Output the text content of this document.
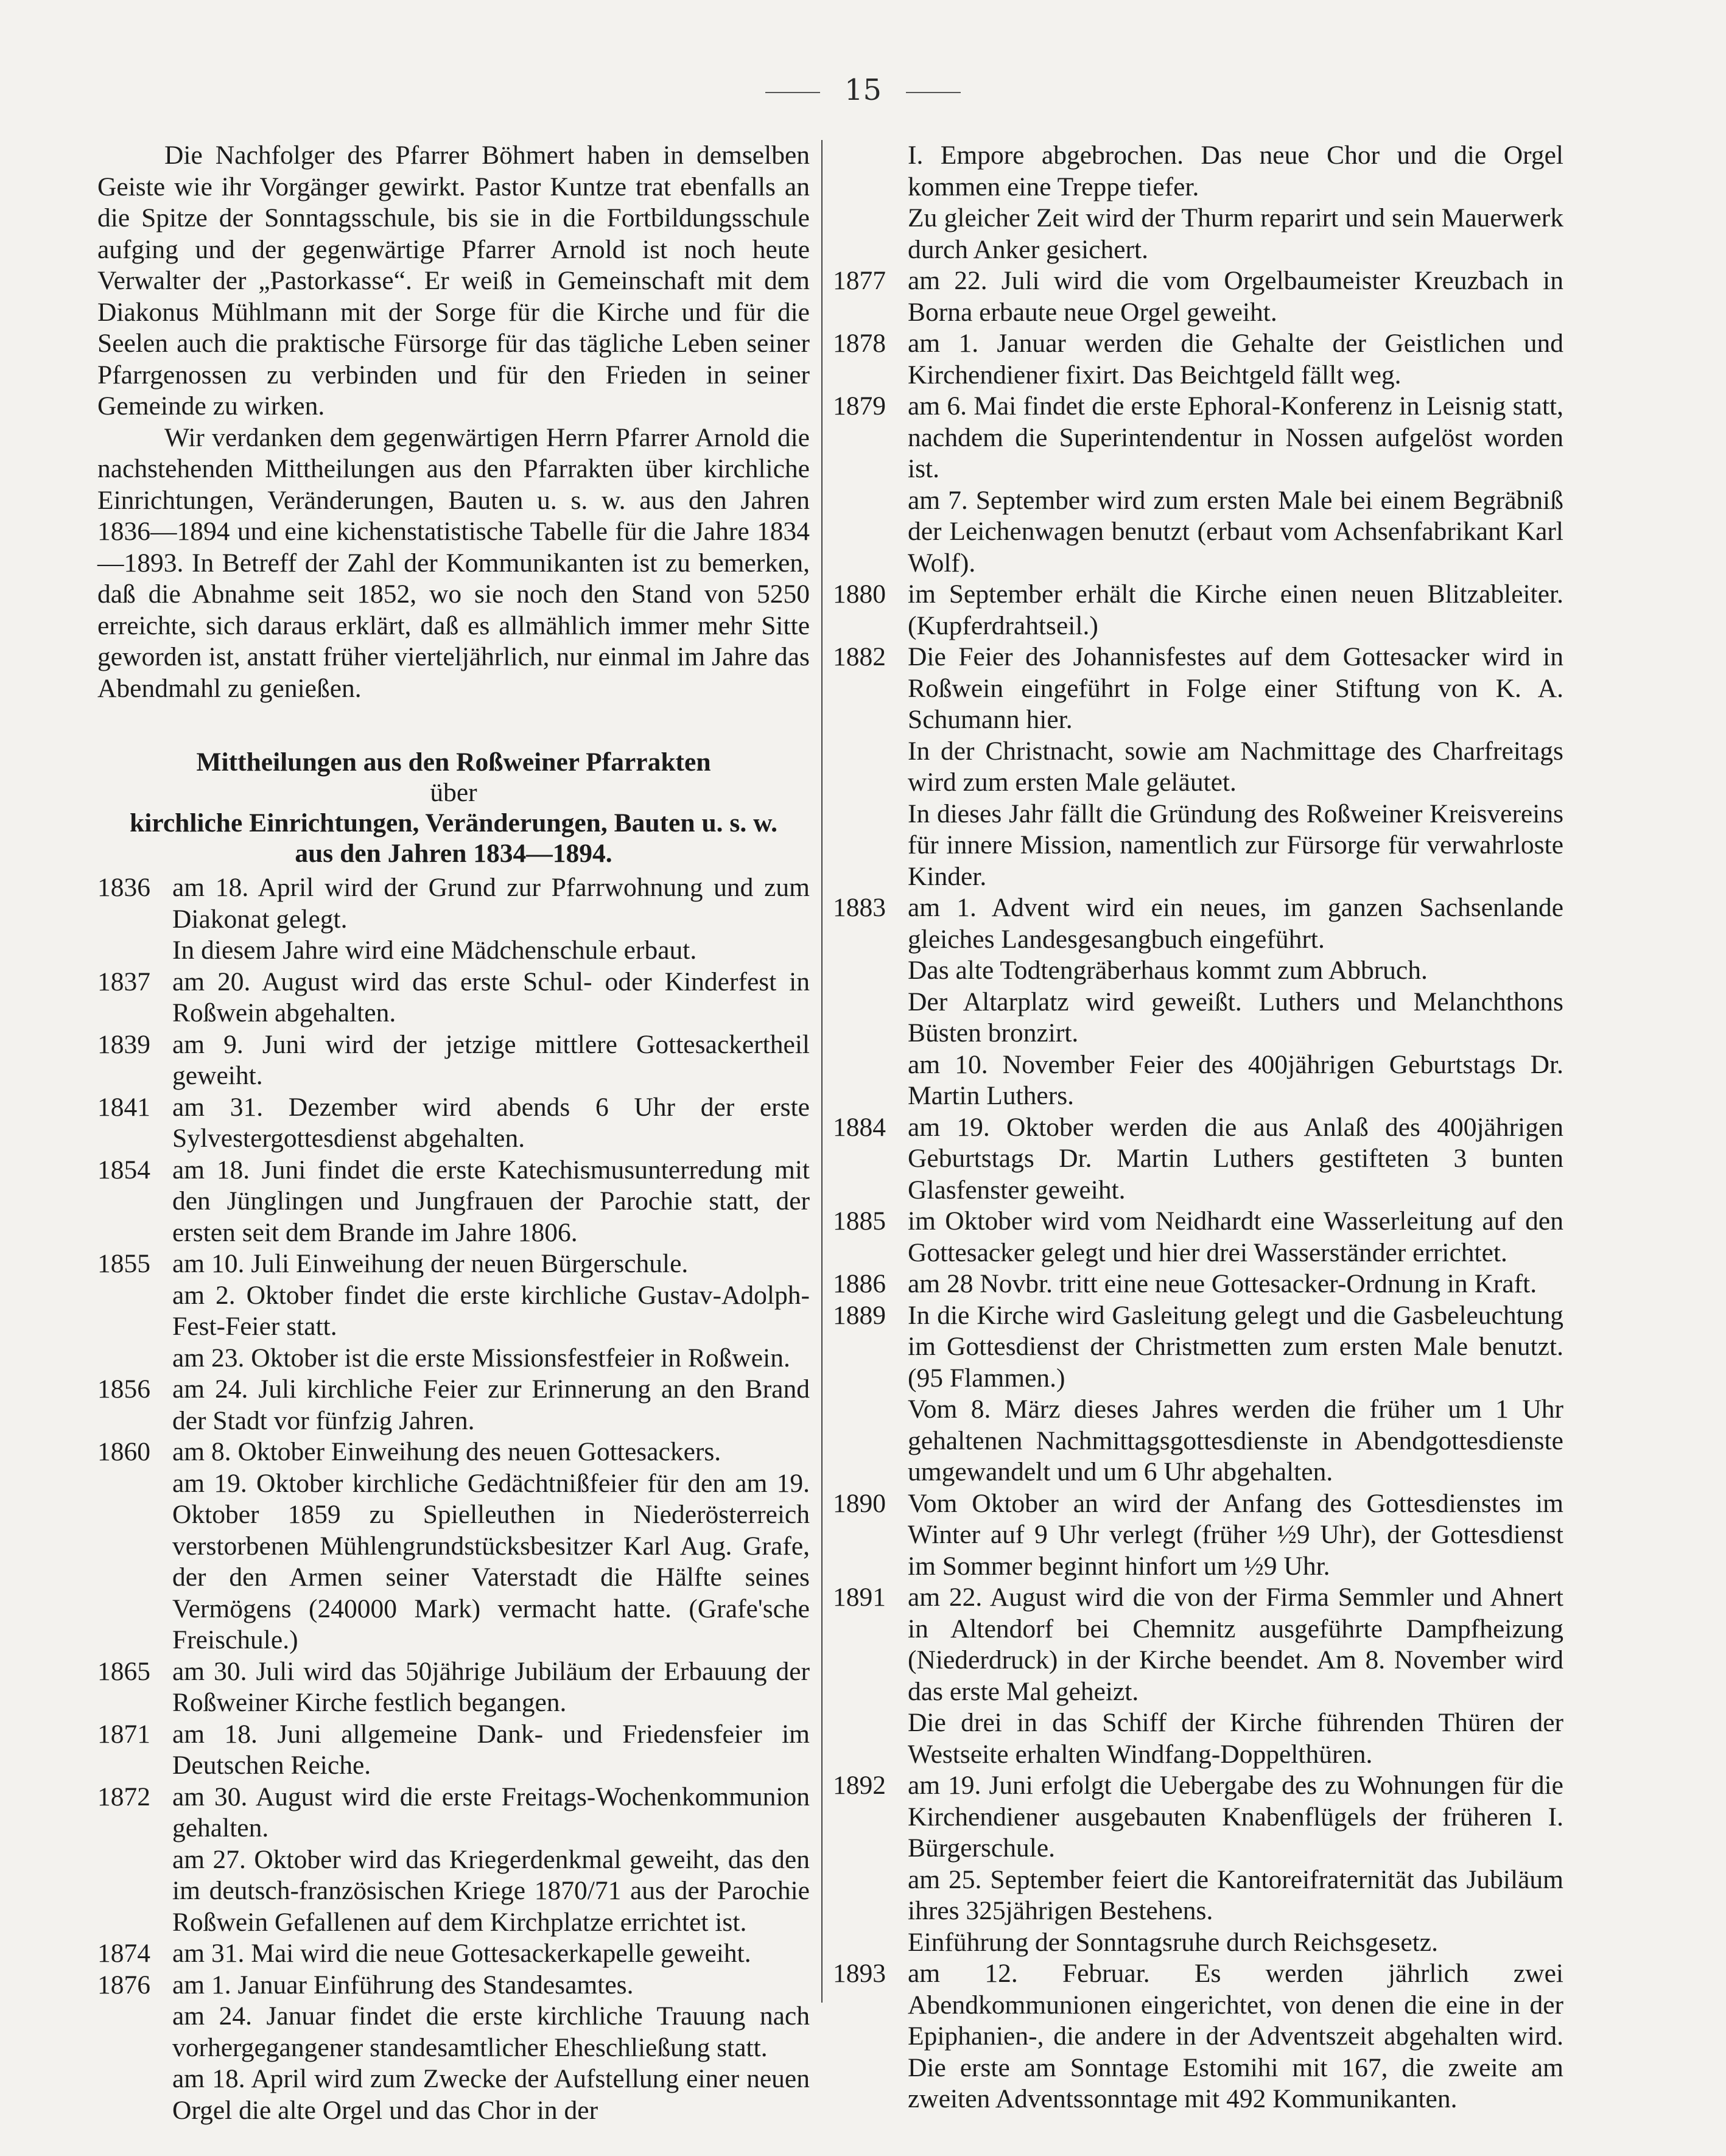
15

Die Nachfolger des Pfarrer Böhmert haben in demselben Geiste wie ihr Vorgänger gewirkt. Pastor Kuntze trat ebenfalls an die Spitze der Sonntagsschule, bis sie in die Fortbildungsschule aufging und der gegenwärtige Pfarrer Arnold ist noch heute Verwalter der „Pastorkasse“. Er weiß in Gemeinschaft mit dem Diakonus Mühlmann mit der Sorge für die Kirche und für die Seelen auch die praktische Fürsorge für das tägliche Leben seiner Pfarrgenossen zu verbinden und für den Frieden in seiner Gemeinde zu wirken.

Wir verdanken dem gegenwärtigen Herrn Pfarrer Arnold die nachstehenden Mittheilungen aus den Pfarrakten über kirchliche Einrichtungen, Veränderungen, Bauten u. s. w. aus den Jahren 1836—1894 und eine kichenstatistische Tabelle für die Jahre 1834—1893. In Betreff der Zahl der Kommunikanten ist zu bemerken, daß die Abnahme seit 1852, wo sie noch den Stand von 5250 erreichte, sich daraus erklärt, daß es allmählich immer mehr Sitte geworden ist, anstatt früher vierteljährlich, nur einmal im Jahre das Abendmahl zu genießen.

Mittheilungen aus den Roßweiner Pfarrakten
über
kirchliche Einrichtungen, Veränderungen, Bauten u. s. w.
aus den Jahren 1834—1894.
1836 am 18. April wird der Grund zur Pfarrwohnung und zum Diakonat gelegt.

In diesem Jahre wird eine Mädchenschule erbaut.

1837 am 20. August wird das erste Schul- oder Kinderfest in Roßwein abgehalten.

1839 am 9. Juni wird der jetzige mittlere Gottesackertheil geweiht.

1841 am 31. Dezember wird abends 6 Uhr der erste Sylvestergottesdienst abgehalten.

1854 am 18. Juni findet die erste Katechismusunterredung mit den Jünglingen und Jungfrauen der Parochie statt, der ersten seit dem Brande im Jahre 1806.

1855 am 10. Juli Einweihung der neuen Bürgerschule.

am 2. Oktober findet die erste kirchliche Gustav-Adolph-Fest-Feier statt.

am 23. Oktober ist die erste Missionsfestfeier in Roßwein.

1856 am 24. Juli kirchliche Feier zur Erinnerung an den Brand der Stadt vor fünfzig Jahren.

1860 am 8. Oktober Einweihung des neuen Gottesackers.

am 19. Oktober kirchliche Gedächtnißfeier für den am 19. Oktober 1859 zu Spielleuthen in Niederösterreich verstorbenen Mühlengrundstücksbesitzer Karl Aug. Grafe, der den Armen seiner Vaterstadt die Hälfte seines Vermögens (240000 Mark) vermacht hatte. (Grafe'sche Freischule.)

1865 am 30. Juli wird das 50jährige Jubiläum der Erbauung der Roßweiner Kirche festlich begangen.

1871 am 18. Juni allgemeine Dank- und Friedensfeier im Deutschen Reiche.

1872 am 30. August wird die erste Freitags-Wochenkommunion gehalten.

am 27. Oktober wird das Kriegerdenkmal geweiht, das den im deutsch-französischen Kriege 1870/71 aus der Parochie Roßwein Gefallenen auf dem Kirchplatze errichtet ist.

1874 am 31. Mai wird die neue Gottesackerkapelle geweiht.

1876 am 1. Januar Einführung des Standesamtes.

am 24. Januar findet die erste kirchliche Trauung nach vorhergegangener standesamtlicher Eheschließung statt.

am 18. April wird zum Zwecke der Aufstellung einer neuen Orgel die alte Orgel und das Chor in der

I. Empore abgebrochen. Das neue Chor und die Orgel kommen eine Treppe tiefer.

Zu gleicher Zeit wird der Thurm reparirt und sein Mauerwerk durch Anker gesichert.

1877 am 22. Juli wird die vom Orgelbaumeister Kreuzbach in Borna erbaute neue Orgel geweiht.

1878 am 1. Januar werden die Gehalte der Geistlichen und Kirchendiener fixirt. Das Beichtgeld fällt weg.

1879 am 6. Mai findet die erste Ephoral-Konferenz in Leisnig statt, nachdem die Superintendentur in Nossen aufgelöst worden ist.

am 7. September wird zum ersten Male bei einem Begräbniß der Leichenwagen benutzt (erbaut vom Achsenfabrikant Karl Wolf).

1880 im September erhält die Kirche einen neuen Blitzableiter. (Kupferdrahtseil.)

1882 Die Feier des Johannisfestes auf dem Gottesacker wird in Roßwein eingeführt in Folge einer Stiftung von K. A. Schumann hier.

In der Christnacht, sowie am Nachmittage des Charfreitags wird zum ersten Male geläutet.

In dieses Jahr fällt die Gründung des Roßweiner Kreisvereins für innere Mission, namentlich zur Fürsorge für verwahrloste Kinder.

1883 am 1. Advent wird ein neues, im ganzen Sachsenlande gleiches Landesgesangbuch eingeführt.

Das alte Todtengräberhaus kommt zum Abbruch.

Der Altarplatz wird geweißt. Luthers und Melanchthons Büsten bronzirt.

am 10. November Feier des 400jährigen Geburtstags Dr. Martin Luthers.

1884 am 19. Oktober werden die aus Anlaß des 400jährigen Geburtstags Dr. Martin Luthers gestifteten 3 bunten Glasfenster geweiht.

1885 im Oktober wird vom Neidhardt eine Wasserleitung auf den Gottesacker gelegt und hier drei Wasserständer errichtet.

1886 am 28 Novbr. tritt eine neue Gottesacker-Ordnung in Kraft.

1889 In die Kirche wird Gasleitung gelegt und die Gasbeleuchtung im Gottesdienst der Christmetten zum ersten Male benutzt. (95 Flammen.)

Vom 8. März dieses Jahres werden die früher um 1 Uhr gehaltenen Nachmittagsgottesdienste in Abendgottesdienste umgewandelt und um 6 Uhr abgehalten.

1890 Vom Oktober an wird der Anfang des Gottesdienstes im Winter auf 9 Uhr verlegt (früher ½9 Uhr), der Gottesdienst im Sommer beginnt hinfort um ½9 Uhr.

1891 am 22. August wird die von der Firma Semmler und Ahnert in Altendorf bei Chemnitz ausgeführte Dampfheizung (Niederdruck) in der Kirche beendet. Am 8. November wird das erste Mal geheizt.

Die drei in das Schiff der Kirche führenden Thüren der Westseite erhalten Windfang-Doppelthüren.

1892 am 19. Juni erfolgt die Uebergabe des zu Wohnungen für die Kirchendiener ausgebauten Knabenflügels der früheren I. Bürgerschule.

am 25. September feiert die Kantoreifraternität das Jubiläum ihres 325jährigen Bestehens.

Einführung der Sonntagsruhe durch Reichsgesetz.

1893 am 12. Februar. Es werden jährlich zwei Abendkommunionen eingerichtet, von denen die eine in der Epiphanien-, die andere in der Adventszeit abgehalten wird. Die erste am Sonntage Estomihi mit 167, die zweite am zweiten Adventssonntage mit 492 Kommunikanten.
